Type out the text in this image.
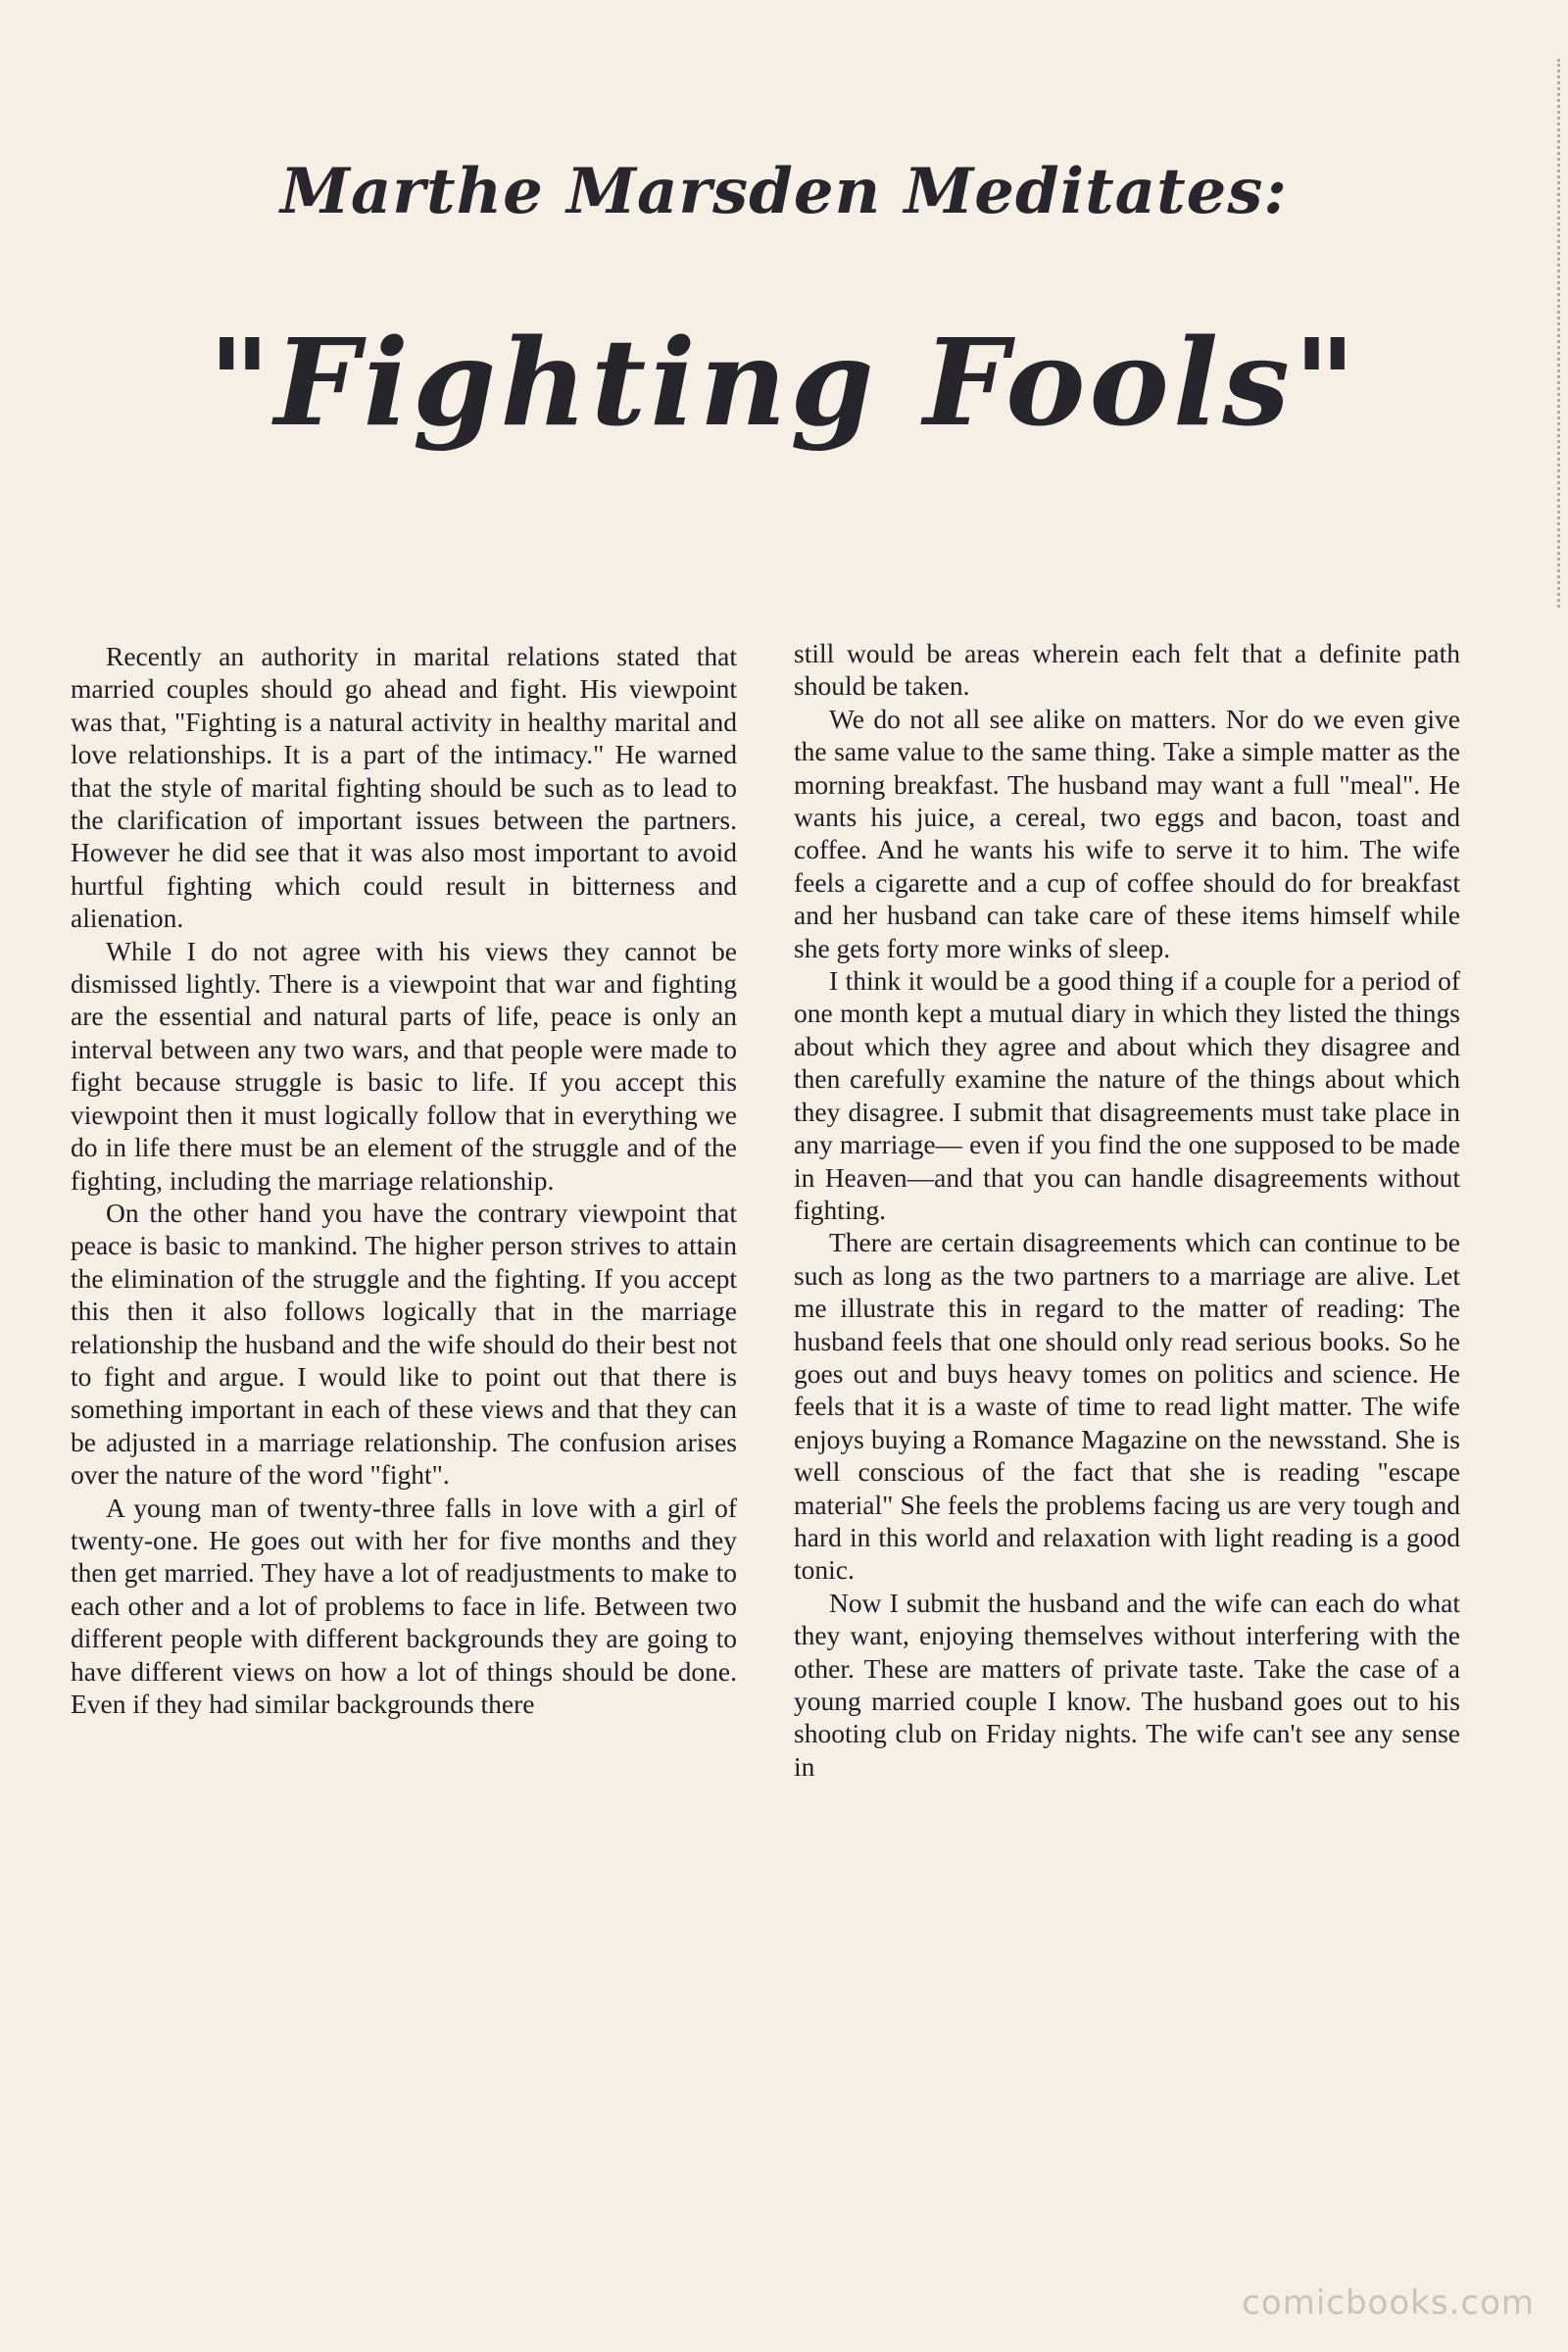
Marthe Marsden Meditates:
"Fighting Fools"

Recently an authority in marital relations stated that married couples should go ahead and fight. His viewpoint was that, "Fighting is a natural activity in healthy marital and love relationships. It is a part of the intimacy." He warned that the style of marital fighting should be such as to lead to the clarification of important issues between the partners. However he did see that it was also most important to avoid hurtful fighting which could result in bitterness and alienation.

While I do not agree with his views they cannot be dismissed lightly. There is a viewpoint that war and fighting are the essential and natural parts of life, peace is only an interval between any two wars, and that people were made to fight because struggle is basic to life. If you accept this viewpoint then it must logically follow that in everything we do in life there must be an element of the struggle and of the fighting, including the marriage relationship.

On the other hand you have the contrary viewpoint that peace is basic to mankind. The higher person strives to attain the elimination of the struggle and the fighting. If you accept this then it also follows logically that in the marriage relationship the husband and the wife should do their best not to fight and argue. I would like to point out that there is something important in each of these views and that they can be adjusted in a marriage relationship. The confusion arises over the nature of the word "fight".

A young man of twenty-three falls in love with a girl of twenty-one. He goes out with her for five months and they then get married. They have a lot of readjustments to make to each other and a lot of problems to face in life. Between two different people with different backgrounds they are going to have different views on how a lot of things should be done. Even if they had similar backgrounds there

still would be areas wherein each felt that a definite path should be taken.

We do not all see alike on matters. Nor do we even give the same value to the same thing. Take a simple matter as the morning breakfast. The husband may want a full "meal". He wants his juice, a cereal, two eggs and bacon, toast and coffee. And he wants his wife to serve it to him. The wife feels a cigarette and a cup of coffee should do for breakfast and her husband can take care of these items himself while she gets forty more winks of sleep.

I think it would be a good thing if a couple for a period of one month kept a mutual diary in which they listed the things about which they agree and about which they disagree and then carefully examine the nature of the things about which they disagree. I submit that disagreements must take place in any marriage— even if you find the one supposed to be made in Heaven—and that you can handle disagreements without fighting.

There are certain disagreements which can continue to be such as long as the two partners to a marriage are alive. Let me illustrate this in regard to the matter of reading: The husband feels that one should only read serious books. So he goes out and buys heavy tomes on politics and science. He feels that it is a waste of time to read light matter. The wife enjoys buying a Romance Magazine on the newsstand. She is well conscious of the fact that she is reading "escape material" She feels the problems facing us are very tough and hard in this world and relaxation with light reading is a good tonic.

Now I submit the husband and the wife can each do what they want, enjoying themselves without interfering with the other. These are matters of private taste. Take the case of a young married couple I know. The husband goes out to his shooting club on Friday nights. The wife can't see any sense in

comicbooks.com
